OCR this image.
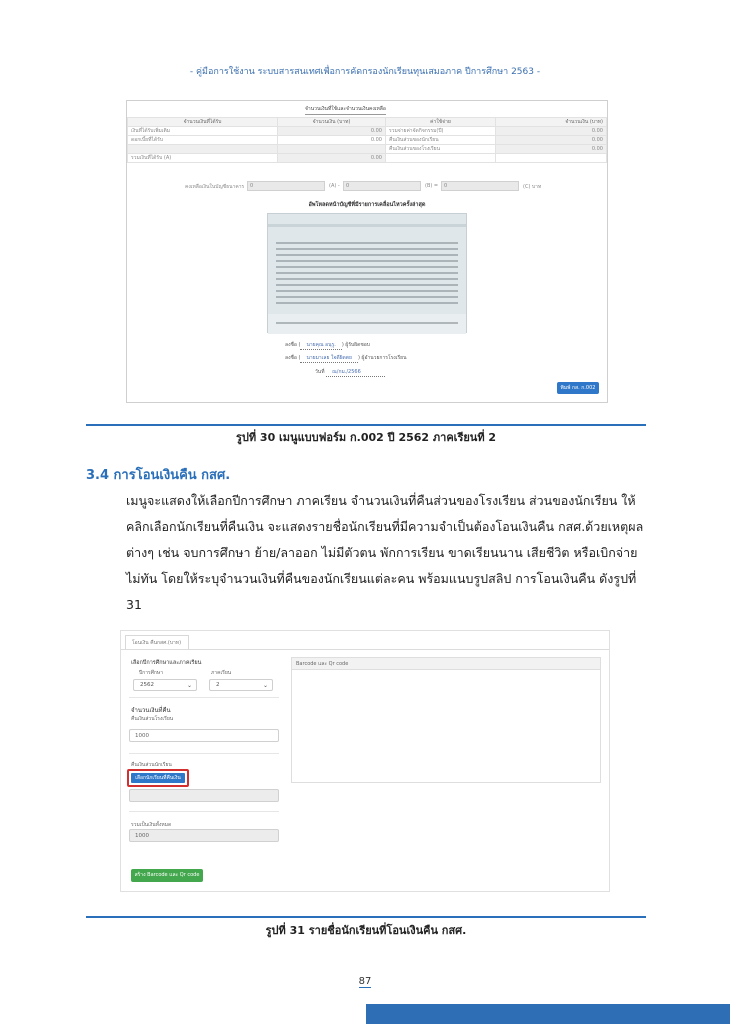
- คู่มือการใช้งาน ระบบสารสนเทศเพื่อการคัดกรองนักเรียนทุนเสมอภาค ปีการศึกษา 2563 -
จำนวนเงินที่ใช้และจำนวนเงินคงเหลือ
จำนวนเงินที่ได้รับ	จำนวนเงิน (บาท)	ค่าใช้จ่าย	จำนวนเงิน (บาท)
เงินที่ได้รับเพิ่มเติม	0.00	รวมจ่ายค่าจัดกิจกรรม(ปี)	0.00
ดอกเบี้ยที่ได้รับ	0.00	คืนเงินส่วนของนักเรียน	0.00
		คืนเงินส่วนของโรงเรียน	0.00
รวมเงินที่ได้รับ (A)	0.00		
คงเหลือเงินในบัญชีธนาคาร	0	(A) -	0	(B) =	0	(C) บาท
อัพโหลดหน้าบัญชีที่มีรายการเคลื่อนไหวครั้งล่าสุด
ลงชื่อ ( นายคุณ อนุรู. ) ผู้รับผิดชอบ
ลงชื่อ ( นายมาเลย ใจดีผิดตย ) ผู้อำนวยการโรงเรียน
วันที่ ณ/กม./2566
พิมพ์ กส. ก.002
รูปที่ 30 เมนูแบบฟอร์ม ก.002 ปี 2562 ภาคเรียนที่ 2
3.4 การโอนเงินคืน กสศ.
เมนูจะแสดงให้เลือกปีการศึกษา ภาคเรียน จำนวนเงินที่คืนส่วนของโรงเรียน ส่วนของนักเรียน ให้คลิกเลือกนักเรียนที่คืนเงิน จะแสดงรายชื่อนักเรียนที่มีความจำเป็นต้องโอนเงินคืน กสศ.ด้วยเหตุผลต่างๆ เช่น จบการศึกษา ย้าย/ลาออก ไม่มีตัวตน พักการเรียน ขาดเรียนนาน เสียชีวิต หรือเบิกจ่ายไม่ทัน โดยให้ระบุจำนวนเงินที่คืนของนักเรียนแต่ละคน พร้อมแนบรูปสลิป การโอนเงินคืน ดังรูปที่ 31
โอนเงิน คืนกสศ.(บาท)
เลือกปีการศึกษาและภาคเรียน
ปีการศึกษา	ภาคเรียน
2562	⌄	2	⌄
จำนวนเงินที่คืน
คืนเงินส่วนโรงเรียน
1000
คืนเงินส่วนนักเรียน
เลือกนักเรียนที่คืนเงิน
รวมเป็นเงินทั้งหมด
1000
Barcode และ Qr code
สร้าง Barcode และ Qr code
รูปที่ 31 รายชื่อนักเรียนที่โอนเงินคืน กสศ.
87
